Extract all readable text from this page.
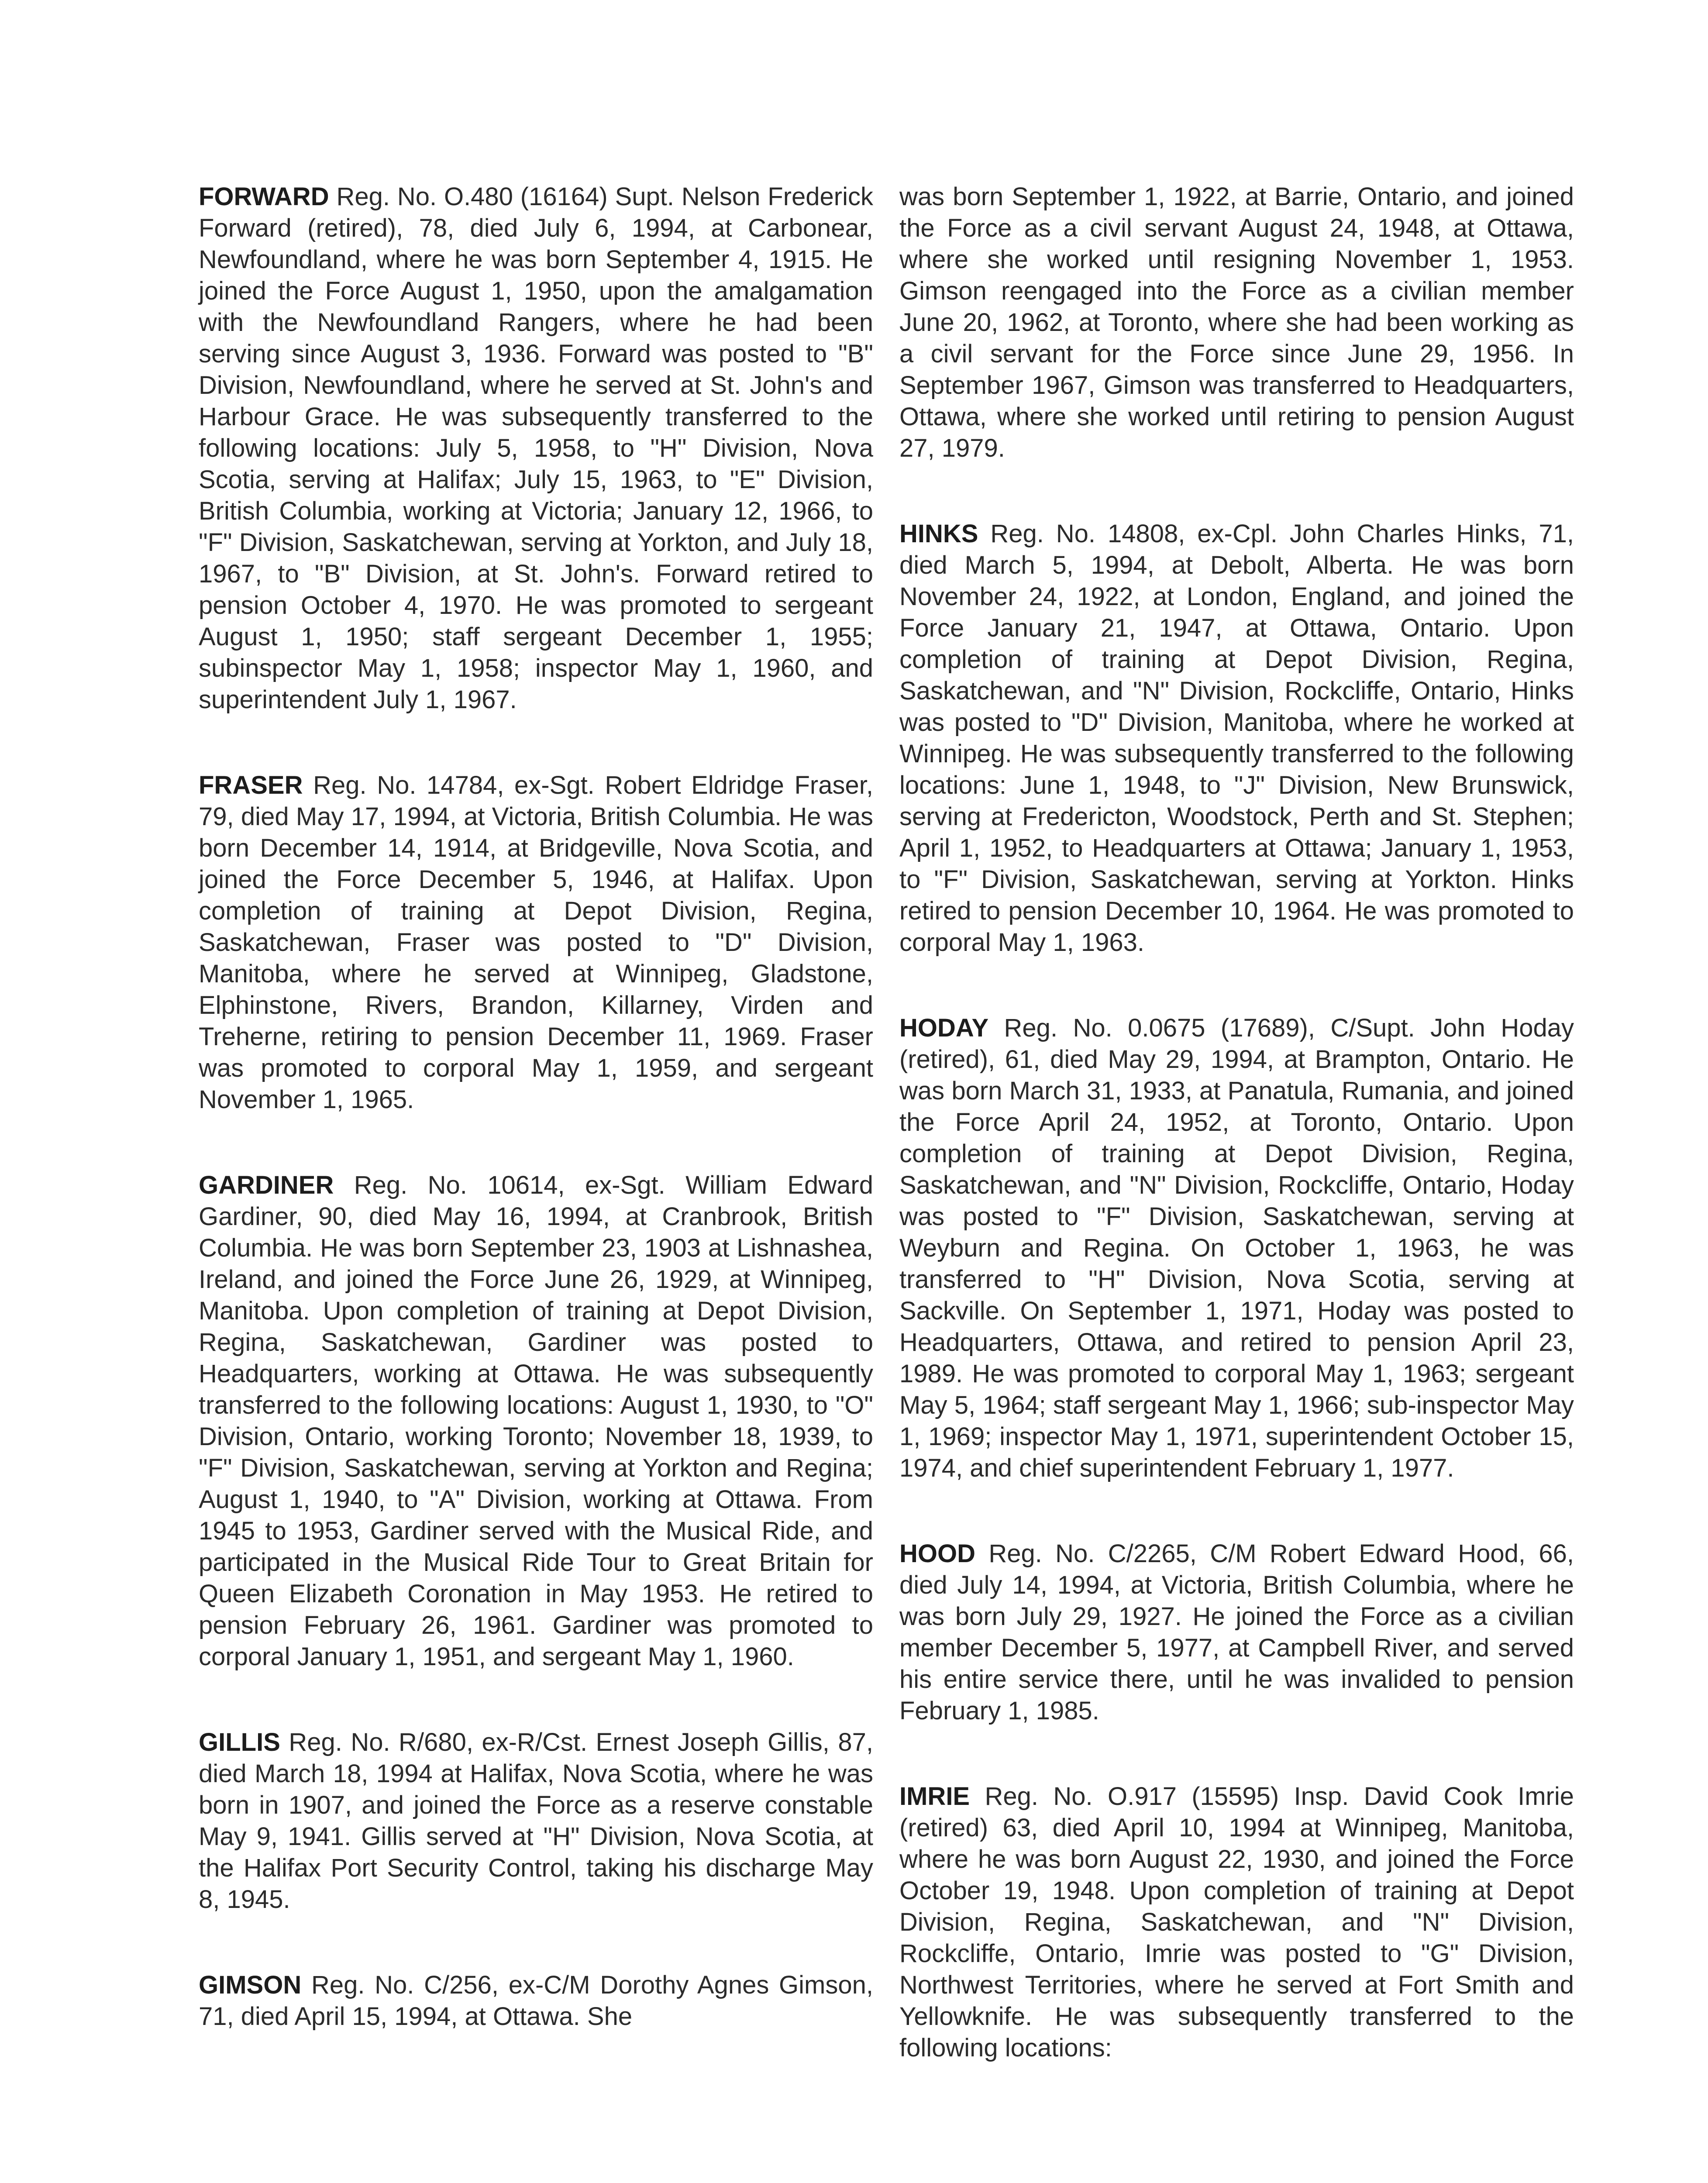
FORWARD Reg. No. O.480 (16164) Supt. Nelson Frederick Forward (retired), 78, died July 6, 1994, at Carbonear, Newfoundland, where he was born September 4, 1915. He joined the Force August 1, 1950, upon the amalgamation with the Newfoundland Rangers, where he had been serving since August 3, 1936. Forward was posted to "B" Division, Newfoundland, where he served at St. John's and Harbour Grace. He was subsequently transferred to the following locations: July 5, 1958, to "H" Division, Nova Scotia, serving at Halifax; July 15, 1963, to "E" Division, British Columbia, working at Victoria; January 12, 1966, to "F" Division, Saskatchewan, serving at Yorkton, and July 18, 1967, to "B" Division, at St. John's. Forward retired to pension October 4, 1970. He was promoted to sergeant August 1, 1950; staff sergeant December 1, 1955; subinspector May 1, 1958; inspector May 1, 1960, and superintendent July 1, 1967.

FRASER Reg. No. 14784, ex-Sgt. Robert Eldridge Fraser, 79, died May 17, 1994, at Victoria, British Columbia. He was born December 14, 1914, at Bridgeville, Nova Scotia, and joined the Force December 5, 1946, at Halifax. Upon completion of training at Depot Division, Regina, Saskatchewan, Fraser was posted to "D" Division, Manitoba, where he served at Winnipeg, Gladstone, Elphinstone, Rivers, Brandon, Killarney, Virden and Treherne, retiring to pension December 11, 1969. Fraser was promoted to corporal May 1, 1959, and sergeant November 1, 1965.

GARDINER Reg. No. 10614, ex-Sgt. William Edward Gardiner, 90, died May 16, 1994, at Cranbrook, British Columbia. He was born September 23, 1903 at Lishnashea, Ireland, and joined the Force June 26, 1929, at Winnipeg, Manitoba. Upon completion of training at Depot Division, Regina, Saskatchewan, Gardiner was posted to Headquarters, working at Ottawa. He was subsequently transferred to the following locations: August 1, 1930, to "O" Division, Ontario, working Toronto; November 18, 1939, to "F" Division, Saskatchewan, serving at Yorkton and Regina; August 1, 1940, to "A" Division, working at Ottawa. From 1945 to 1953, Gardiner served with the Musical Ride, and participated in the Musical Ride Tour to Great Britain for Queen Elizabeth Coronation in May 1953. He retired to pension February 26, 1961. Gardiner was promoted to corporal January 1, 1951, and sergeant May 1, 1960.

GILLIS Reg. No. R/680, ex-R/Cst. Ernest Joseph Gillis, 87, died March 18, 1994 at Halifax, Nova Scotia, where he was born in 1907, and joined the Force as a reserve constable May 9, 1941. Gillis served at "H" Division, Nova Scotia, at the Halifax Port Security Control, taking his discharge May 8, 1945.

GIMSON Reg. No. C/256, ex-C/M Dorothy Agnes Gimson, 71, died April 15, 1994, at Ottawa. She

was born September 1, 1922, at Barrie, Ontario, and joined the Force as a civil servant August 24, 1948, at Ottawa, where she worked until resigning November 1, 1953. Gimson reengaged into the Force as a civilian member June 20, 1962, at Toronto, where she had been working as a civil servant for the Force since June 29, 1956. In September 1967, Gimson was transferred to Headquarters, Ottawa, where she worked until retiring to pension August 27, 1979.

HINKS Reg. No. 14808, ex-Cpl. John Charles Hinks, 71, died March 5, 1994, at Debolt, Alberta. He was born November 24, 1922, at London, England, and joined the Force January 21, 1947, at Ottawa, Ontario. Upon completion of training at Depot Division, Regina, Saskatchewan, and "N" Division, Rockcliffe, Ontario, Hinks was posted to "D" Division, Manitoba, where he worked at Winnipeg. He was subsequently transferred to the following locations: June 1, 1948, to "J" Division, New Brunswick, serving at Fredericton, Woodstock, Perth and St. Stephen; April 1, 1952, to Headquarters at Ottawa; January 1, 1953, to "F" Division, Saskatchewan, serving at Yorkton. Hinks retired to pension December 10, 1964. He was promoted to corporal May 1, 1963.

HODAY Reg. No. 0.0675 (17689), C/Supt. John Hoday (retired), 61, died May 29, 1994, at Brampton, Ontario. He was born March 31, 1933, at Panatula, Rumania, and joined the Force April 24, 1952, at Toronto, Ontario. Upon completion of training at Depot Division, Regina, Saskatchewan, and "N" Division, Rockcliffe, Ontario, Hoday was posted to "F" Division, Saskatchewan, serving at Weyburn and Regina. On October 1, 1963, he was transferred to "H" Division, Nova Scotia, serving at Sackville. On September 1, 1971, Hoday was posted to Headquarters, Ottawa, and retired to pension April 23, 1989. He was promoted to corporal May 1, 1963; sergeant May 5, 1964; staff sergeant May 1, 1966; sub-inspector May 1, 1969; inspector May 1, 1971, superintendent October 15, 1974, and chief superintendent February 1, 1977.

HOOD Reg. No. C/2265, C/M Robert Edward Hood, 66, died July 14, 1994, at Victoria, British Columbia, where he was born July 29, 1927. He joined the Force as a civilian member December 5, 1977, at Campbell River, and served his entire service there, until he was invalided to pension February 1, 1985.

IMRIE Reg. No. O.917 (15595) Insp. David Cook Imrie (retired) 63, died April 10, 1994 at Winnipeg, Manitoba, where he was born August 22, 1930, and joined the Force October 19, 1948. Upon completion of training at Depot Division, Regina, Saskatchewan, and "N" Division, Rockcliffe, Ontario, Imrie was posted to "G" Division, Northwest Territories, where he served at Fort Smith and Yellowknife. He was subsequently transferred to the following locations:
